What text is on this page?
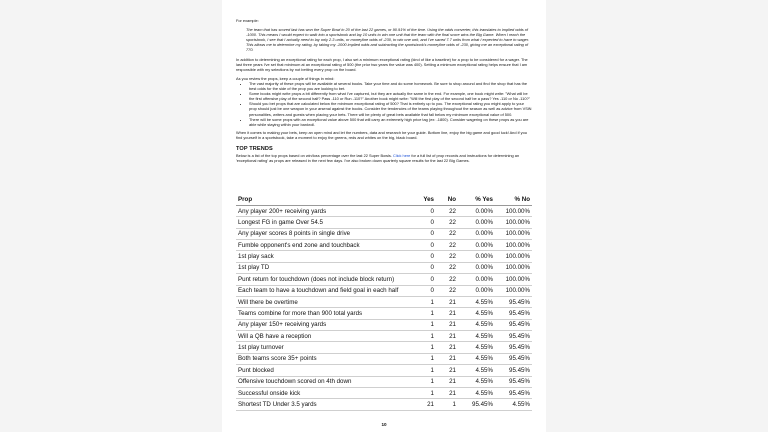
For example:

The team that has scored last has won the Super Bowl in 20 of the last 22 games, or 90.91% of the time. Using the odds converter, this translates to implied odds of -1000. This means I would expect to walk into a sportsbook and lay 10 units to win one unit that the team with the final score wins the Big Game. When I reach the sportsbook, I see that I actually need to lay only 2.3 units, or moneyline odds of -230, to win one unit, and I've saved 7.7 units from what I expected to have to wager. This allows me to determine my rating, by taking my -1000 implied odds and subtracting the sportsbook's moneyline odds of -230, giving me an exceptional rating of 770.

In addition to determining an exceptional rating for each prop, I also set a minimum exceptional rating (kind of like a baseline) for a prop to be considered for a wager. The last three years I've set that minimum at an exceptional rating of 500 (the prior two years the value was 400). Setting a minimum exceptional rating helps ensure that I am responsible with my selections by not betting every prop on the board.

As you review the props, keep a couple of things in mind:

• The vast majority of these props will be available at several books. Take your time and do some homework. Be sure to shop around and find the shop that has the best odds for the side of the prop you are looking to bet.
• Some books might write props a bit differently from what I've captured, but they are actually the same in the end. For example, one book might write: "What will be the first offensive play of the second half? Pass -110 or Run -110?" Another book might write: "Will the first play of the second half be a pass? Yes -110 or No -110?"
• Should you bet props that are calculated below the minimum exceptional rating of 500? That is entirely up to you. The exceptional rating you might apply to your prop should just be one weapon in your arsenal against the books. Consider the tendencies of the teams playing throughout the season as well as advice from VSiN personalities, writers and guests when placing your bets. There will be plenty of great bets available that fall below my minimum exceptional value of 500.
• There will be some props with an exceptional value above 500 that will carry an extremely high price tag (ex: -1800). Consider wagering on these props as you are able while staying within your bankroll.

When it comes to making your bets, keep an open mind and let the numbers, data and research be your guide. Bottom line, enjoy the big game and good luck! And if you find yourself in a sportsbook, take a moment to enjoy the greens, reds and whites on the big, black board.

TOP TRENDS

Below is a list of the top props based on win/loss percentage over the last 22 Super Bowls. Click here for a full list of prop records and instructions for determining an 'exceptional rating' as props are released in the next few days. I've also broken down quarterly square results for the last 22 Big Games.

Prop	Yes	No	% Yes	% No
Any player 200+ receiving yards	0	22	0.00%	100.00%
Longest FG in game Over 54.5	0	22	0.00%	100.00%
Any player scores 8 points in single drive	0	22	0.00%	100.00%
Fumble opponent's end zone and touchback	0	22	0.00%	100.00%
1st play sack	0	22	0.00%	100.00%
1st play TD	0	22	0.00%	100.00%
Punt return for touchdown (does not include block return)	0	22	0.00%	100.00%
Each team to have a touchdown and field goal in each half	0	22	0.00%	100.00%
Will there be overtime	1	21	4.55%	95.45%
Teams combine for more than 900 total yards	1	21	4.55%	95.45%
Any player 150+ receiving yards	1	21	4.55%	95.45%
Will a QB have a reception	1	21	4.55%	95.45%
1st play turnover	1	21	4.55%	95.45%
Both teams score 35+ points	1	21	4.55%	95.45%
Punt blocked	1	21	4.55%	95.45%
Offensive touchdown scored on 4th down	1	21	4.55%	95.45%
Successful onside kick	1	21	4.55%	95.45%
Shortest TD Under 3.5 yards	21	1	95.45%	4.55%
10
